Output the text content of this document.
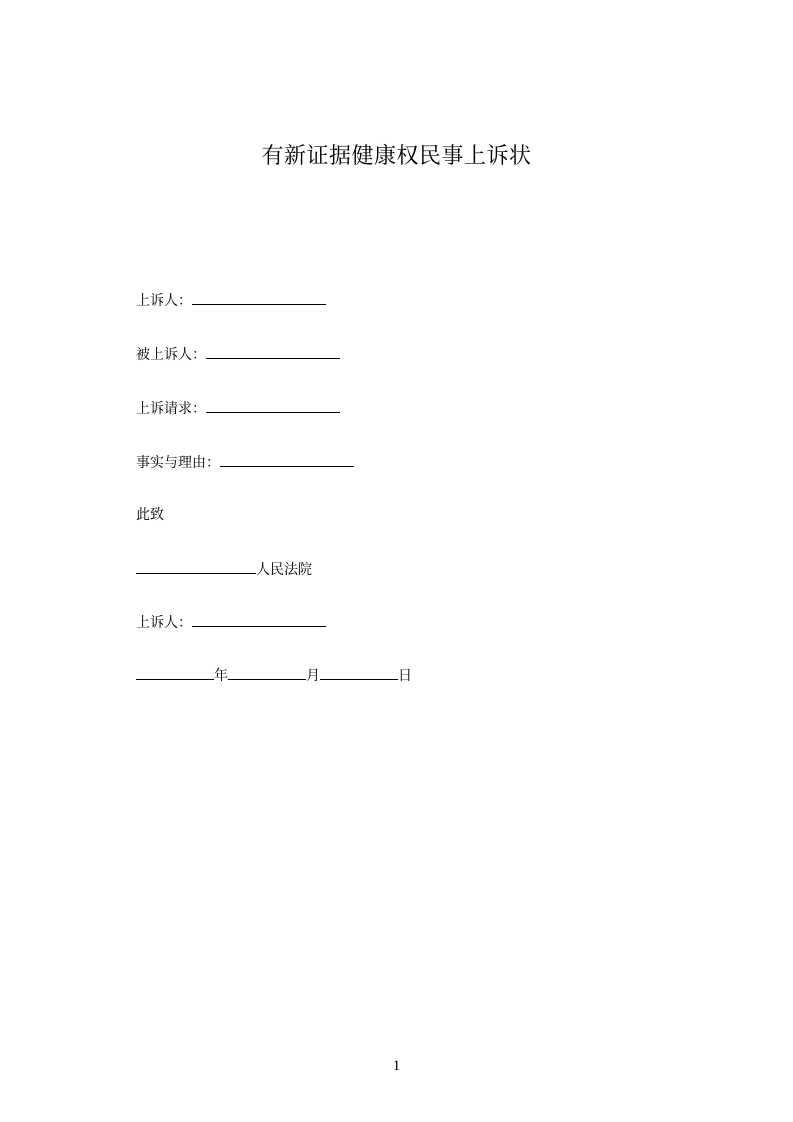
有新证据健康权民事上诉状
上诉人：
被上诉人：
上诉请求：
事实与理由：
此致
人民法院
上诉人：
年	月	日
1
